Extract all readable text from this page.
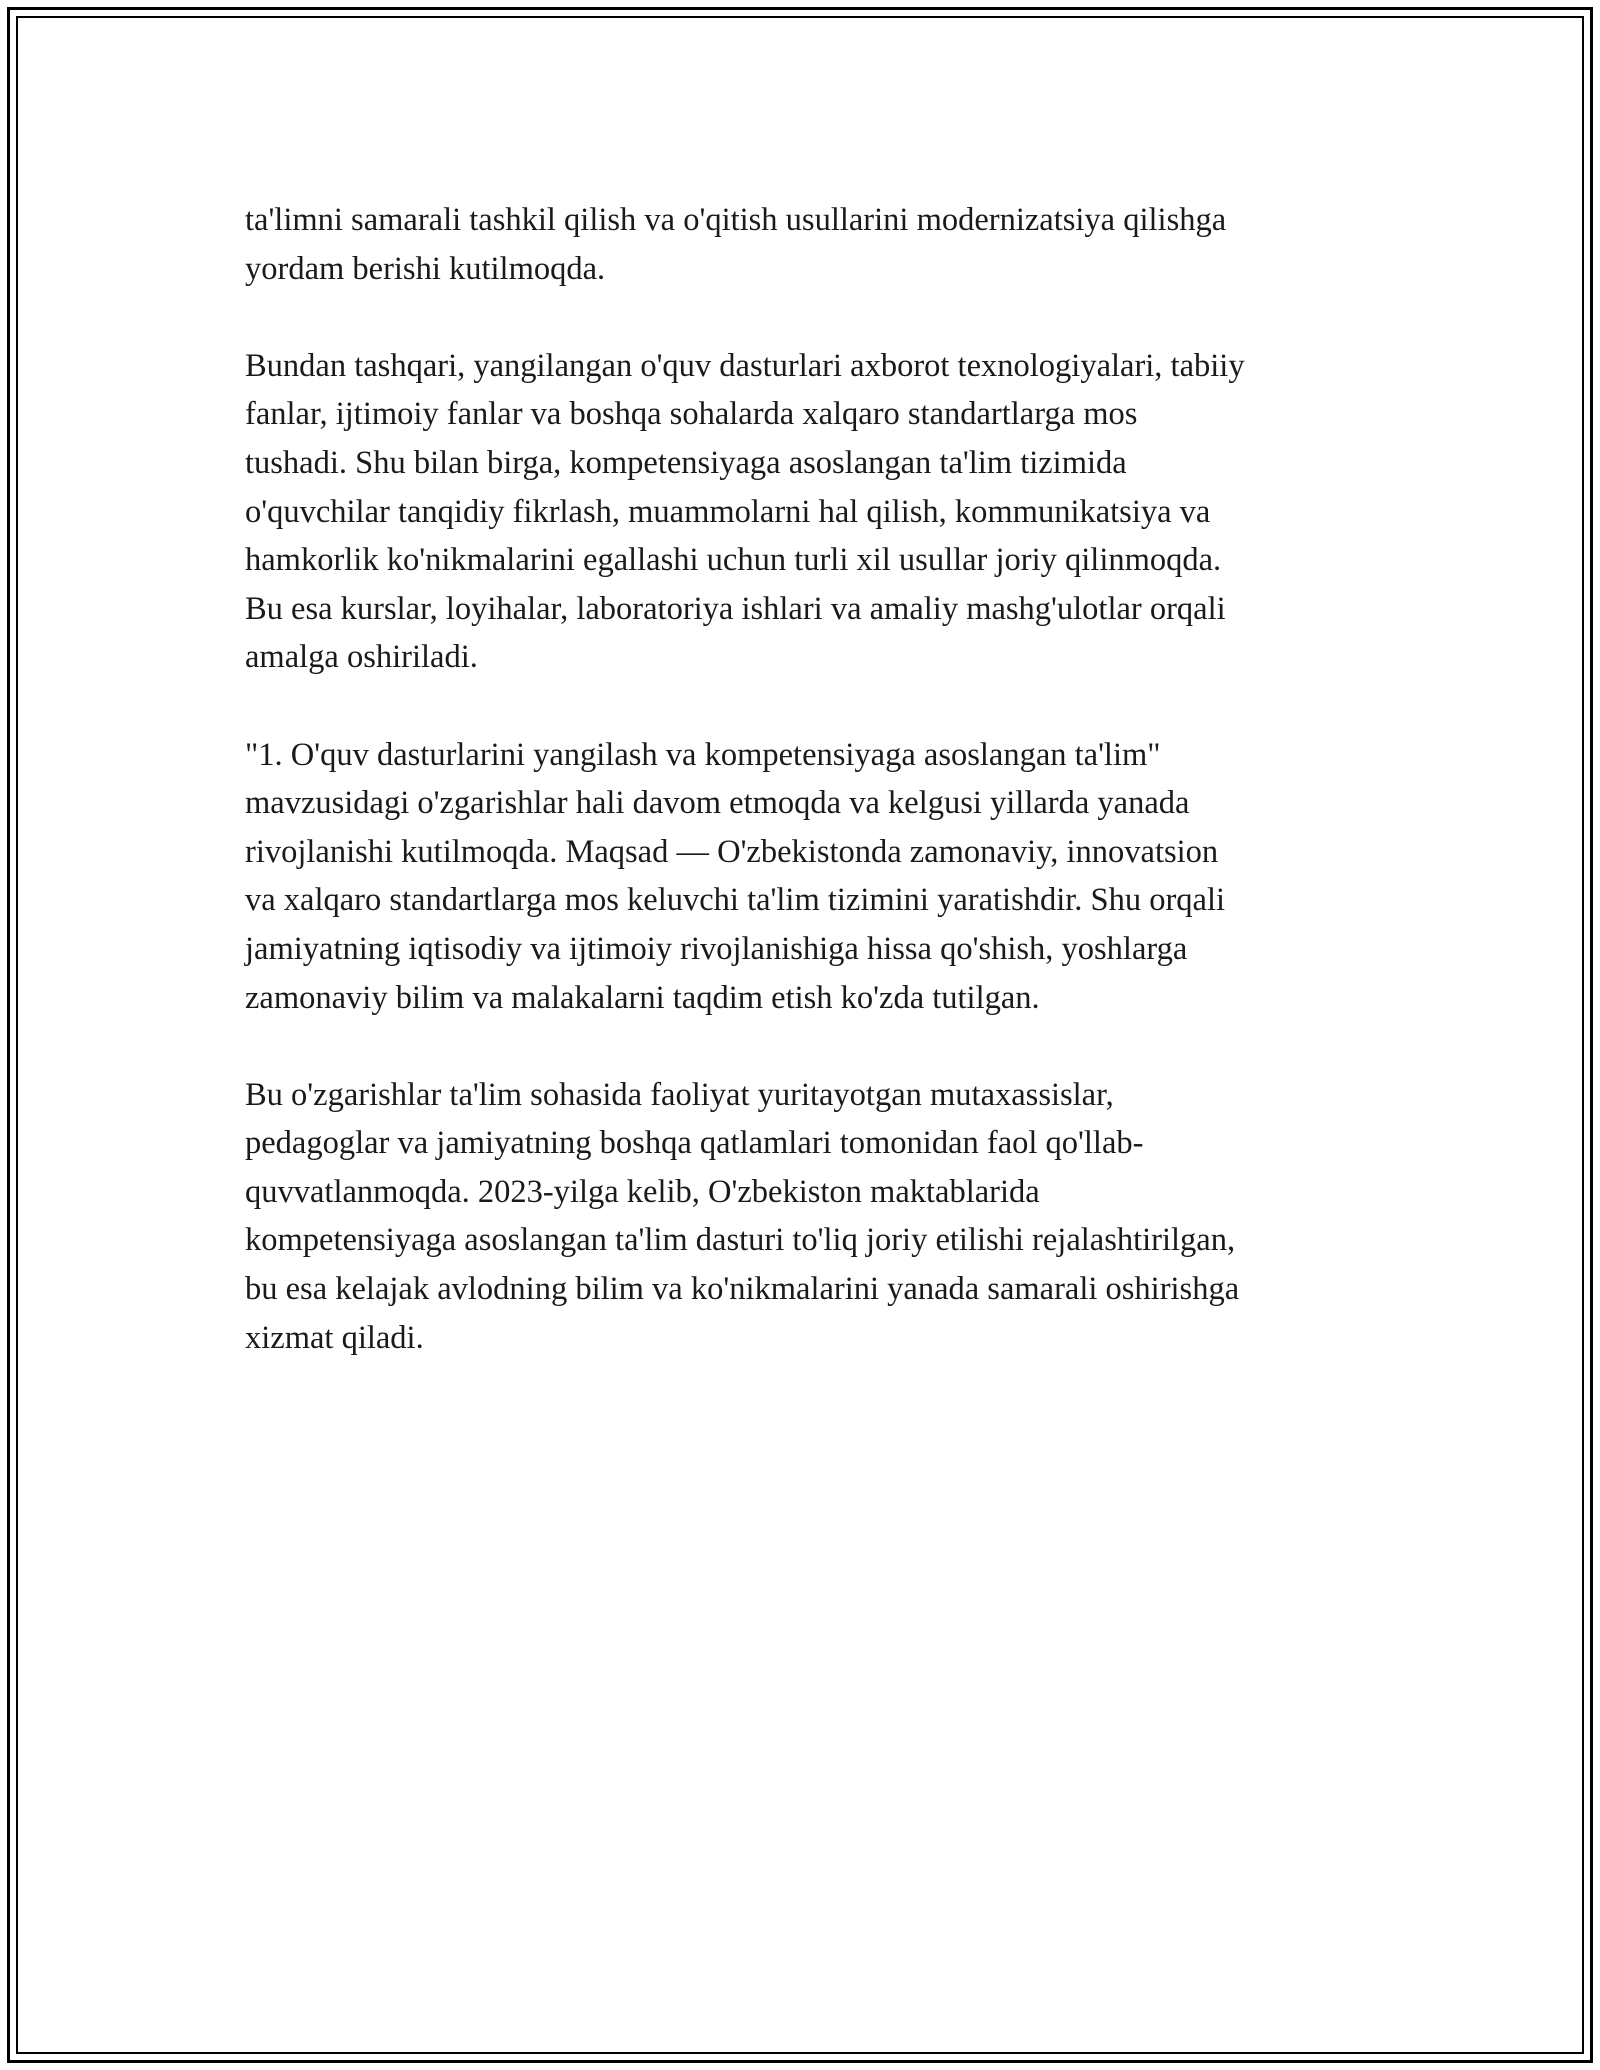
ta'limni samarali tashkil qilish va o'qitish usullarini modernizatsiya qilishga
yordam berishi kutilmoqda.

Bundan tashqari, yangilangan o'quv dasturlari axborot texnologiyalari, tabiiy
fanlar, ijtimoiy fanlar va boshqa sohalarda xalqaro standartlarga mos
tushadi. Shu bilan birga, kompetensiyaga asoslangan ta'lim tizimida
o'quvchilar tanqidiy fikrlash, muammolarni hal qilish, kommunikatsiya va
hamkorlik ko'nikmalarini egallashi uchun turli xil usullar joriy qilinmoqda.
Bu esa kurslar, loyihalar, laboratoriya ishlari va amaliy mashg'ulotlar orqali
amalga oshiriladi.

"1. O'quv dasturlarini yangilash va kompetensiyaga asoslangan ta'lim"
mavzusidagi o'zgarishlar hali davom etmoqda va kelgusi yillarda yanada
rivojlanishi kutilmoqda. Maqsad — O'zbekistonda zamonaviy, innovatsion
va xalqaro standartlarga mos keluvchi ta'lim tizimini yaratishdir. Shu orqali
jamiyatning iqtisodiy va ijtimoiy rivojlanishiga hissa qo'shish, yoshlarga
zamonaviy bilim va malakalarni taqdim etish ko'zda tutilgan.

Bu o'zgarishlar ta'lim sohasida faoliyat yuritayotgan mutaxassislar,
pedagoglar va jamiyatning boshqa qatlamlari tomonidan faol qo'llab-
quvvatlanmoqda. 2023-yilga kelib, O'zbekiston maktablarida
kompetensiyaga asoslangan ta'lim dasturi to'liq joriy etilishi rejalashtirilgan,
bu esa kelajak avlodning bilim va ko'nikmalarini yanada samarali oshirishga
xizmat qiladi.
